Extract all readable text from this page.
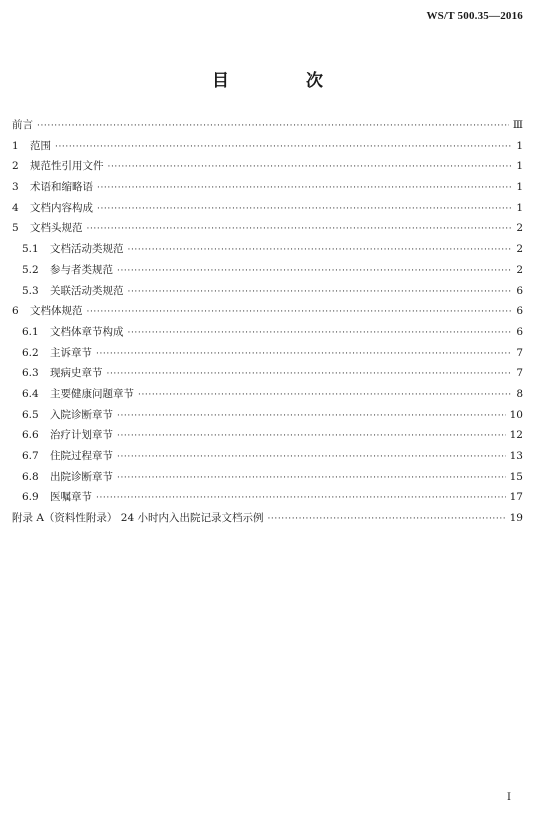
WS/T 500.35—2016
目　次
前言 ·····	Ⅲ
1	范围 ·····	1
2	规范性引用文件 ·····	1
3	术语和缩略语 ·····	1
4	文档内容构成 ·····	1
5	文档头规范 ·····	2
5.1	文档活动类规范 ·····	2
5.2	参与者类规范 ·····	2
5.3	关联活动类规范 ·····	6
6	文档体规范 ·····	6
6.1	文档体章节构成 ·····	6
6.2	主诉章节 ·····	7
6.3	现病史章节 ·····	7
6.4	主要健康问题章节 ·····	8
6.5	入院诊断章节 ·····	10
6.6	治疗计划章节 ·····	12
6.7	住院过程章节 ·····	13
6.8	出院诊断章节 ·····	15
6.9	医嘱章节 ·····	17
附录 A（资料性附录） 24 小时内入出院记录文档示例 ·····	19
I
